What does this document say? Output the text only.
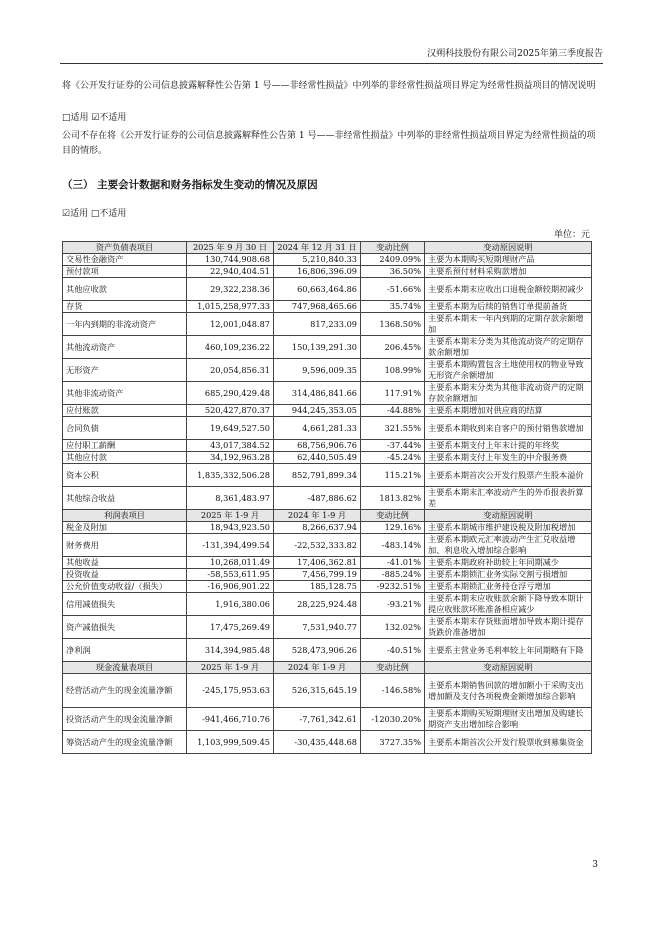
汉朔科技股份有限公司2025年第三季度报告
将《公开发行证券的公司信息披露解释性公告第 1 号——非经常性损益》中列举的非经常性损益项目界定为经常性损益项目的情况说明
□适用 ☑不适用
公司不存在将《公开发行证券的公司信息披露解释性公告第 1 号——非经常性损益》中列举的非经常性损益项目界定为经常性损益的项目的情形。
（三） 主要会计数据和财务指标发生变动的情况及原因
☑适用 □不适用
单位：元
资产负债表项目	2025 年 9 月 30 日	2024 年 12 月 31 日	变动比例	变动原因说明
交易性金融资产	130,744,908.68	5,210,840.33	2409.09%	主要为本期购买短期理财产品
预付款项	22,940,404.51	16,806,396.09	36.50%	主要系预付材料采购款增加
其他应收款	29,322,238.36	60,663,464.86	-51.66%	主要系本期末应收出口退税金额较期初减少
存货	1,015,258,977.33	747,968,465.66	35.74%	主要系本期为后续的销售订单提前备货
一年内到期的非流动资产	12,001,048.87	817,233.09	1368.50%	主要系本期末一年内到期的定期存款余额增加
其他流动资产	460,109,236.22	150,139,291.30	206.45%	主要系本期末分类为其他流动资产的定期存款余额增加
无形资产	20,054,856.31	9,596,009.35	108.99%	主要系本期购置包含土地使用权的物业导致无形资产余额增加
其他非流动资产	685,290,429.48	314,486,841.66	117.91%	主要系本期末分类为其他非流动资产的定期存款余额增加
应付账款	520,427,870.37	944,245,353.05	-44.88%	主要系本期增加对供应商的结算
合同负债	19,649,527.50	4,661,281.33	321.55%	主要系本期收到来自客户的预付销售款增加
应付职工薪酬	43,017,384.52	68,756,906.76	-37.44%	主要系本期支付上年末计提的年终奖
其他应付款	34,192,963.28	62,440,505.49	-45.24%	主要系本期支付上年发生的中介服务费
资本公积	1,835,332,506.28	852,791,899.34	115.21%	主要系本期首次公开发行股票产生股本溢价
其他综合收益	8,361,483.97	-487,886.62	1813.82%	主要系本期末汇率波动产生的外币报表折算差
利润表项目	2025 年 1-9 月	2024 年 1-9 月	变动比例	变动原因说明
税金及附加	18,943,923.50	8,266,637.94	129.16%	主要系本期城市维护建设税及附加税增加
财务费用	-131,394,499.54	-22,532,333.82	-483.14%	主要系本期欧元汇率波动产生汇兑收益增加、利息收入增加综合影响
其他收益	10,268,011.49	17,406,362.81	-41.01%	主要系本期政府补助较上年同期减少
投资收益	-58,553,611.95	7,456,799.19	-885.24%	主要系本期锁汇业务实际交割亏损增加
公允价值变动收益/（损失）	-16,906,901.22	185,128.75	-9232.51%	主要系本期锁汇业务持仓浮亏增加
信用减值损失	1,916,380.06	28,225,924.48	-93.21%	主要系本期末应收账款余额下降导致本期计提应收账款坏账准备相应减少
资产减值损失	17,475,269.49	7,531,940.77	132.02%	主要系本期末存货账面增加导致本期计提存货跌价准备增加
净利润	314,394,985.48	528,473,906.26	-40.51%	主要系主营业务毛利率较上年同期略有下降
现金流量表项目	2025 年 1-9 月	2024 年 1-9 月	变动比例	变动原因说明
经营活动产生的现金流量净额	-245,175,953.63	526,315,645.19	-146.58%	主要系本期销售回款的增加额小于采购支出增加额及支付各项税费金额增加综合影响
投资活动产生的现金流量净额	-941,466,710.76	-7,761,342.61	-12030.20%	主要系本期购买短期理财支出增加及购建长期资产支出增加综合影响
筹资活动产生的现金流量净额	1,103,999,509.45	-30,435,448.68	3727.35%	主要系本期首次公开发行股票收到募集资金
3
